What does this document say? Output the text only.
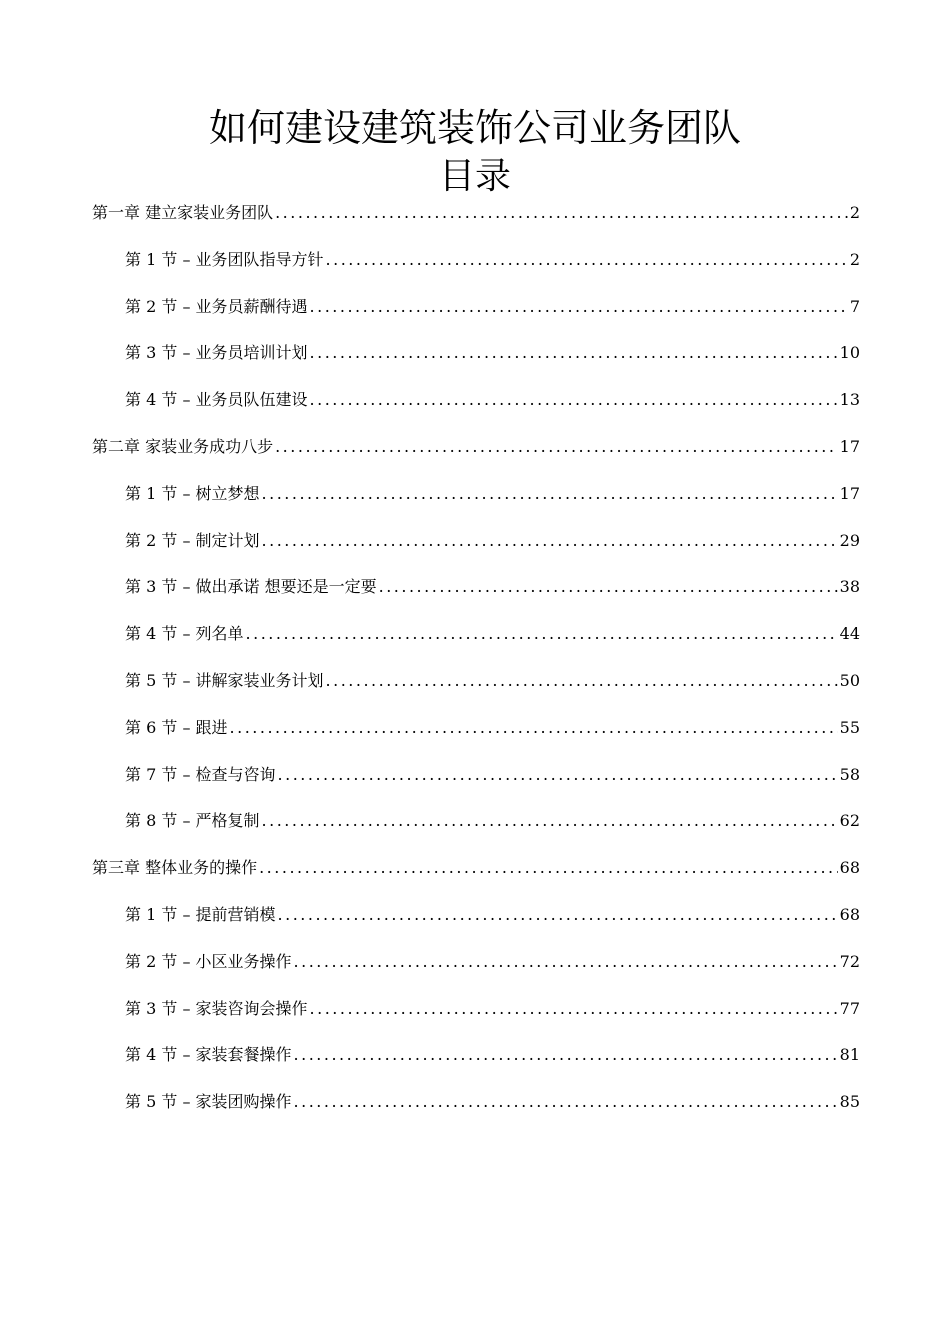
如何建设建筑装饰公司业务团队
目录
第一章 建立家装业务团队 .....	2
第 1 节 – 业务团队指导方针 .....	2
第 2 节 – 业务员薪酬待遇 .....	7
第 3 节 – 业务员培训计划 .....	10
第 4 节 – 业务员队伍建设 .....	13
第二章 家装业务成功八步 .....	17
第 1 节 – 树立梦想 .....	17
第 2 节 – 制定计划 .....	29
第 3 节 – 做出承诺 想要还是一定要 .....	38
第 4 节 – 列名单 .....	44
第 5 节 – 讲解家装业务计划 .....	50
第 6 节 – 跟进 .....	55
第 7 节 – 检查与咨询 .....	58
第 8 节 – 严格复制 .....	62
第三章 整体业务的操作 .....	68
第 1 节 – 提前营销模 .....	68
第 2 节 – 小区业务操作 .....	72
第 3 节 – 家装咨询会操作 .....	77
第 4 节 – 家装套餐操作 .....	81
第 5 节 – 家装团购操作 .....	85
